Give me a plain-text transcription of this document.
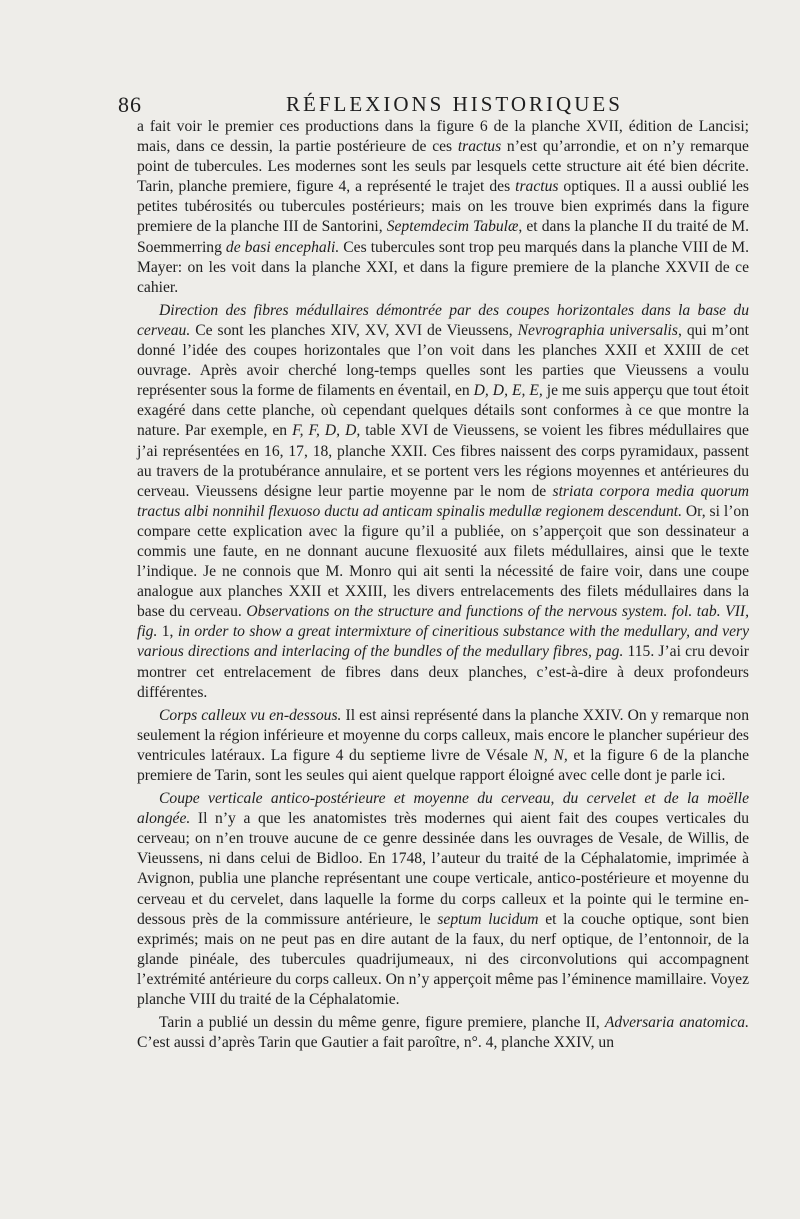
86	RÉFLEXIONS HISTORIQUES

a fait voir le premier ces productions dans la figure 6 de la planche XVII, édition de Lancisi; mais, dans ce dessin, la partie postérieure de ces tractus n’est qu’arrondie, et on n’y remarque point de tubercules. Les modernes sont les seuls par lesquels cette structure ait été bien décrite. Tarin, planche premiere, figure 4, a représenté le trajet des tractus optiques. Il a aussi oublié les petites tubérosités ou tubercules postérieurs; mais on les trouve bien exprimés dans la figure premiere de la planche III de Santorini, Septemdecim Tabulæ, et dans la planche II du traité de M. Soemmerring de basi encephali. Ces tubercules sont trop peu marqués dans la planche VIII de M. Mayer: on les voit dans la planche XXI, et dans la figure premiere de la planche XXVII de ce cahier.

Direction des fibres médullaires démontrée par des coupes horizontales dans la base du cerveau. Ce sont les planches XIV, XV, XVI de Vieussens, Nevrographia universalis, qui m’ont donné l’idée des coupes horizontales que l’on voit dans les planches XXII et XXIII de cet ouvrage. Après avoir cherché long-temps quelles sont les parties que Vieussens a voulu représenter sous la forme de filaments en éventail, en D, D, E, E, je me suis apperçu que tout étoit exagéré dans cette planche, où cependant quelques détails sont conformes à ce que montre la nature. Par exemple, en F, F, D, D, table XVI de Vieussens, se voient les fibres médullaires que j’ai représentées en 16, 17, 18, planche XXII. Ces fibres naissent des corps pyramidaux, passent au travers de la protubérance annulaire, et se portent vers les régions moyennes et antérieures du cerveau. Vieussens désigne leur partie moyenne par le nom de striata corpora media quorum tractus albi nonnihil flexuoso ductu ad anticam spinalis medullæ regionem descendunt. Or, si l’on compare cette explication avec la figure qu’il a publiée, on s’apperçoit que son dessinateur a commis une faute, en ne donnant aucune flexuosité aux filets médullaires, ainsi que le texte l’indique. Je ne connois que M. Monro qui ait senti la nécessité de faire voir, dans une coupe analogue aux planches XXII et XXIII, les divers entrelacements des filets médullaires dans la base du cerveau. Observations on the structure and functions of the nervous system. fol. tab. VII, fig. 1, in order to show a great intermixture of cineritious substance with the medullary, and very various directions and interlacing of the bundles of the medullary fibres, pag. 115. J’ai cru devoir montrer cet entrelacement de fibres dans deux planches, c’est-à-dire à deux profondeurs différentes.

Corps calleux vu en-dessous. Il est ainsi représenté dans la planche XXIV. On y remarque non seulement la région inférieure et moyenne du corps calleux, mais encore le plancher supérieur des ventricules latéraux. La figure 4 du septieme livre de Vésale N, N, et la figure 6 de la planche premiere de Tarin, sont les seules qui aient quelque rapport éloigné avec celle dont je parle ici.

Coupe verticale antico-postérieure et moyenne du cerveau, du cervelet et de la moëlle alongée. Il n’y a que les anatomistes très modernes qui aient fait des coupes verticales du cerveau; on n’en trouve aucune de ce genre dessinée dans les ouvrages de Vesale, de Willis, de Vieussens, ni dans celui de Bidloo. En 1748, l’auteur du traité de la Céphalatomie, imprimée à Avignon, publia une planche représentant une coupe verticale, antico-postérieure et moyenne du cerveau et du cervelet, dans laquelle la forme du corps calleux et la pointe qui le termine en-dessous près de la commissure antérieure, le septum lucidum et la couche optique, sont bien exprimés; mais on ne peut pas en dire autant de la faux, du nerf optique, de l’entonnoir, de la glande pinéale, des tubercules quadrijumeaux, ni des circonvolutions qui accompagnent l’extrémité antérieure du corps calleux. On n’y apperçoit même pas l’éminence mamillaire. Voyez planche VIII du traité de la Céphalatomie.

Tarin a publié un dessin du même genre, figure premiere, planche II, Adversaria anatomica. C’est aussi d’après Tarin que Gautier a fait paroître, n°. 4, planche XXIV, un
